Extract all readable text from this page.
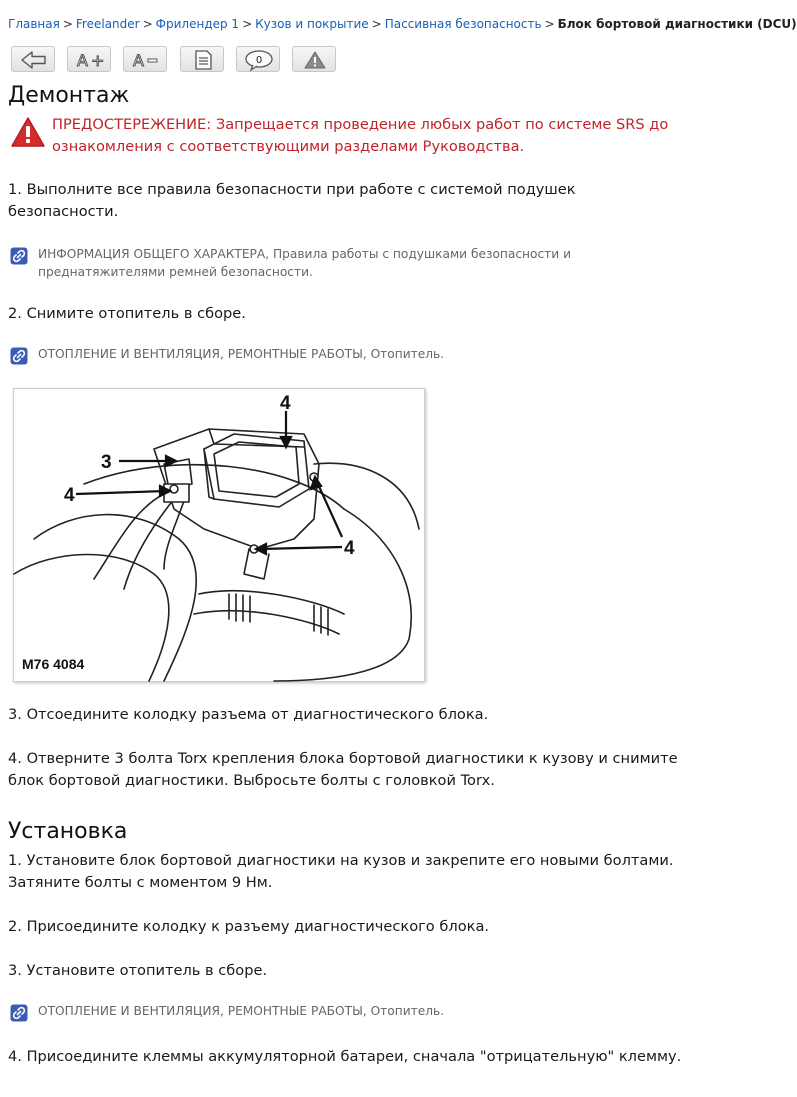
Главная > Freelander > Фрилендер 1 > Кузов и покрытие > Пассивная безопасность > Блок бортовой диагностики (DCU)
A + A	0
Демонтаж

ПРЕДОСТЕРЕЖЕНИЕ: Запрещается проведение любых работ по системе SRS до ознакомления с соответствующими разделами Руководства.

1. Выполните все правила безопасности при работе с системой подушек безопасности.

ИНФОРМАЦИЯ ОБЩЕГО ХАРАКТЕРА, Правила работы с подушками безопасности и преднатяжителями ремней безопасности.

2. Снимите отопитель в сборе.

ОТОПЛЕНИЕ И ВЕНТИЛЯЦИЯ, РЕМОНТНЫЕ РАБОТЫ, Отопитель.

4
3
4
4
M76 4084

3. Отсоедините колодку разъема от диагностического блока.

4. Отверните 3 болта Torx крепления блока бортовой диагностики к кузову и снимите блок бортовой диагностики. Выбросьте болты с головкой Torx.

Установка

1. Установите блок бортовой диагностики на кузов и закрепите его новыми болтами. Затяните болты с моментом 9 Нм.

2. Присоедините колодку к разъему диагностического блока.

3. Установите отопитель в сборе.

ОТОПЛЕНИЕ И ВЕНТИЛЯЦИЯ, РЕМОНТНЫЕ РАБОТЫ, Отопитель.

4. Присоедините клеммы аккумуляторной батареи, сначала "отрицательную" клемму.
